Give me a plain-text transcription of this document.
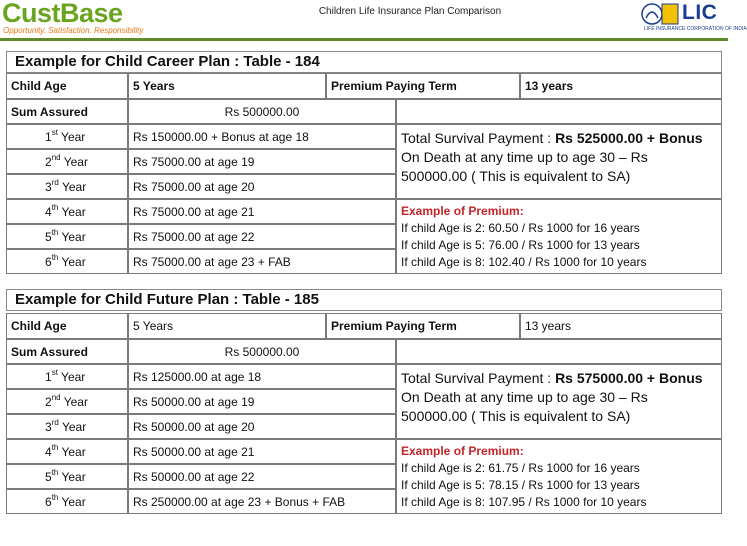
CustBase
Opportunity. Satisfaction. Responsibility
Children Life Insurance Plan Comparison	LIC
LIFE INSURANCE CORPORATION OF INDIA
Example for Child Career Plan : Table - 184
Child Age	5 Years	Premium Paying Term	13 years
Sum Assured	Rs 500000.00
1st Year	Rs 150000.00 + Bonus at age 18
2nd Year	Rs 75000.00 at age 19
3rd Year	Rs 75000.00 at age 20
Total Survival Payment : Rs 525000.00 + Bonus
On Death at any time up to age 30 – Rs 500000.00 ( This is equivalent to SA)
4th Year	Rs 75000.00 at age 21
5th Year	Rs 75000.00 at age 22
6th Year	Rs 75000.00 at age 23 + FAB
Example of Premium:
If child Age is 2: 60.50 / Rs 1000 for 16 years
If child Age is 5: 76.00 / Rs 1000 for 13 years
If child Age is 8: 102.40 / Rs 1000 for 10 years
Example for Child Future Plan : Table - 185
Child Age	5 Years	Premium Paying Term	13 years
Sum Assured	Rs 500000.00
1st Year	Rs 125000.00 at age 18
2nd Year	Rs 50000.00 at age 19
3rd Year	Rs 50000.00 at age 20
Total Survival Payment : Rs 575000.00 + Bonus
On Death at any time up to age 30 – Rs 500000.00 ( This is equivalent to SA)
4th Year	Rs 50000.00 at age 21
5th Year	Rs 50000.00 at age 22
6th Year	Rs 250000.00 at age 23 + Bonus + FAB
Example of Premium:
If child Age is 2: 61.75 / Rs 1000 for 16 years
If child Age is 5: 78.15 / Rs 1000 for 13 years
If child Age is 8: 107.95 / Rs 1000 for 10 years
